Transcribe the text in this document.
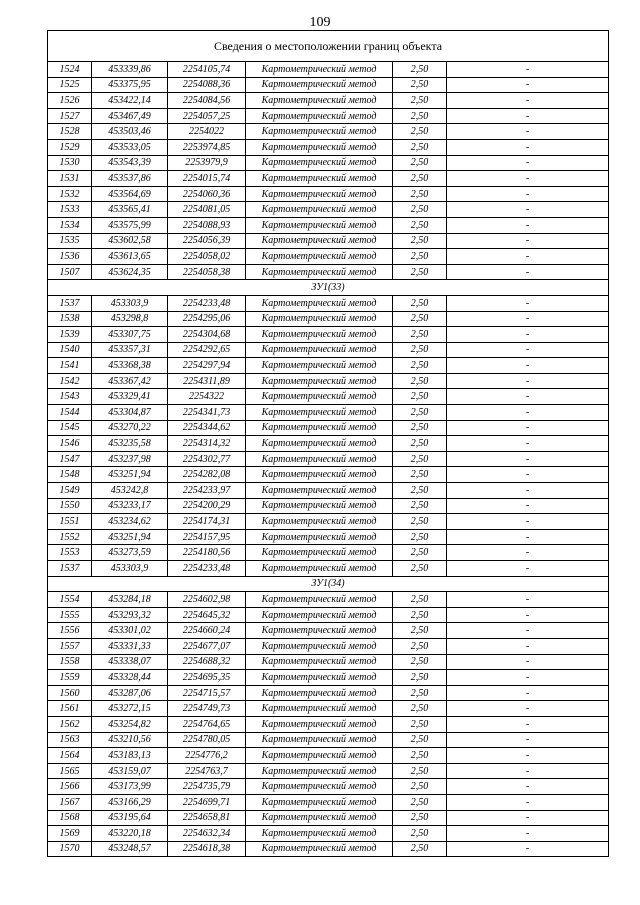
109
Сведения о местоположении границ объекта					
1524	453339,86	2254105,74	Картометрический метод	2,50	-
1525	453375,95	2254088,36	Картометрический метод	2,50	-
1526	453422,14	2254084,56	Картометрический метод	2,50	-
1527	453467,49	2254057,25	Картометрический метод	2,50	-
1528	453503,46	2254022	Картометрический метод	2,50	-
1529	453533,05	2253974,85	Картометрический метод	2,50	-
1530	453543,39	2253979,9	Картометрический метод	2,50	-
1531	453537,86	2254015,74	Картометрический метод	2,50	-
1532	453564,69	2254060,36	Картометрический метод	2,50	-
1533	453565,41	2254081,05	Картометрический метод	2,50	-
1534	453575,99	2254088,93	Картометрический метод	2,50	-
1535	453602,58	2254056,39	Картометрический метод	2,50	-
1536	453613,65	2254058,02	Картометрический метод	2,50	-
1507	453624,35	2254058,38	Картометрический метод	2,50	-
ЗУ1(33)					
1537	453303,9	2254233,48	Картометрический метод	2,50	-
1538	453298,8	2254295,06	Картометрический метод	2,50	-
1539	453307,75	2254304,68	Картометрический метод	2,50	-
1540	453357,31	2254292,65	Картометрический метод	2,50	-
1541	453368,38	2254297,94	Картометрический метод	2,50	-
1542	453367,42	2254311,89	Картометрический метод	2,50	-
1543	453329,41	2254322	Картометрический метод	2,50	-
1544	453304,87	2254341,73	Картометрический метод	2,50	-
1545	453270,22	2254344,62	Картометрический метод	2,50	-
1546	453235,58	2254314,32	Картометрический метод	2,50	-
1547	453237,98	2254302,77	Картометрический метод	2,50	-
1548	453251,94	2254282,08	Картометрический метод	2,50	-
1549	453242,8	2254233,97	Картометрический метод	2,50	-
1550	453233,17	2254200,29	Картометрический метод	2,50	-
1551	453234,62	2254174,31	Картометрический метод	2,50	-
1552	453251,94	2254157,95	Картометрический метод	2,50	-
1553	453273,59	2254180,56	Картометрический метод	2,50	-
1537	453303,9	2254233,48	Картометрический метод	2,50	-
ЗУ1(34)					
1554	453284,18	2254602,98	Картометрический метод	2,50	-
1555	453293,32	2254645,32	Картометрический метод	2,50	-
1556	453301,02	2254660,24	Картометрический метод	2,50	-
1557	453331,33	2254677,07	Картометрический метод	2,50	-
1558	453338,07	2254688,32	Картометрический метод	2,50	-
1559	453328,44	2254695,35	Картометрический метод	2,50	-
1560	453287,06	2254715,57	Картометрический метод	2,50	-
1561	453272,15	2254749,73	Картометрический метод	2,50	-
1562	453254,82	2254764,65	Картометрический метод	2,50	-
1563	453210,56	2254780,05	Картометрический метод	2,50	-
1564	453183,13	2254776,2	Картометрический метод	2,50	-
1565	453159,07	2254763,7	Картометрический метод	2,50	-
1566	453173,99	2254735,79	Картометрический метод	2,50	-
1567	453166,29	2254699,71	Картометрический метод	2,50	-
1568	453195,64	2254658,81	Картометрический метод	2,50	-
1569	453220,18	2254632,34	Картометрический метод	2,50	-
1570	453248,57	2254618,38	Картометрический метод	2,50	-
